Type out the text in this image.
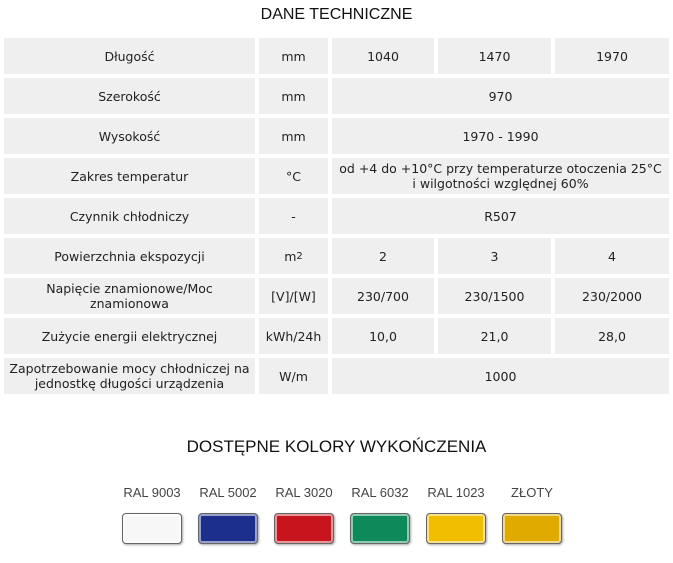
DANE TECHNICZNE
Długość	mm	1040	1470	1970
Szerokość	mm	970
Wysokość	mm	1970 - 1990
Zakres temperatur	°C	od +4 do +10°C przy temperaturze otoczenia 25°C i wilgotności względnej 60%
Czynnik chłodniczy	-	R507
Powierzchnia ekspozycji	m 2	2	3	4
Napięcie znamionowe/Moc znamionowa	[V]/[W]	230/700	230/1500	230/2000
Zużycie energii elektrycznej	kWh/24h	10,0	21,0	28,0
Zapotrzebowanie mocy chłodniczej na jednostkę długości urządzenia	W/m	1000
DOSTĘPNE KOLORY WYKOŃCZENIA
RAL 9003	RAL 5002	RAL 3020	RAL 6032	RAL 1023	ZŁOTY
